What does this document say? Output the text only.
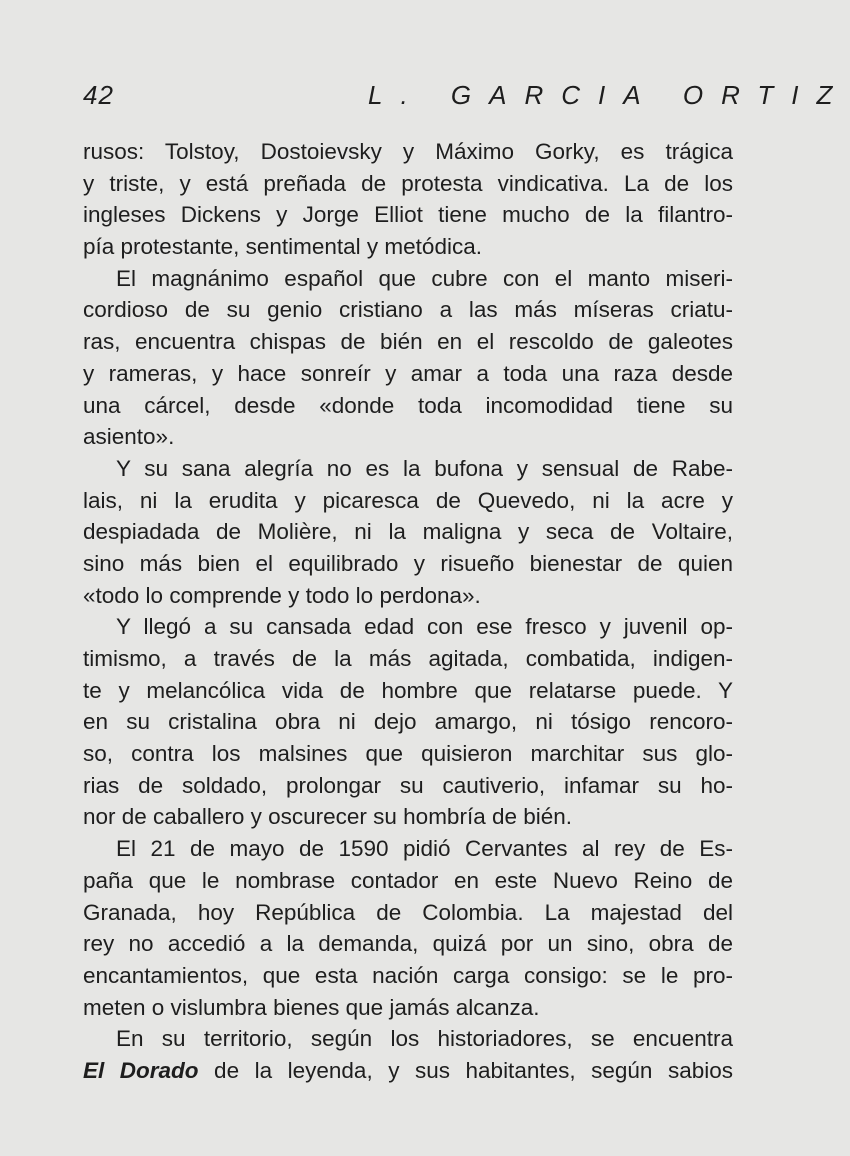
42	L. GARCIA ORTIZ
rusos: Tolstoy, Dostoievsky y Máximo Gorky, es trágica
y triste, y está preñada de protesta vindicativa. La de los
ingleses Dickens y Jorge Elliot tiene mucho de la filantro-
pía protestante, sentimental y metódica.
El magnánimo español que cubre con el manto miseri-
cordioso de su genio cristiano a las más míseras criatu-
ras, encuentra chispas de bién en el rescoldo de galeotes
y rameras, y hace sonreír y amar a toda una raza desde
una cárcel, desde «donde toda incomodidad tiene su
asiento».
Y su sana alegría no es la bufona y sensual de Rabe-
lais, ni la erudita y picaresca de Quevedo, ni la acre y
despiadada de Molière, ni la maligna y seca de Voltaire,
sino más bien el equilibrado y risueño bienestar de quien
«todo lo comprende y todo lo perdona».
Y llegó a su cansada edad con ese fresco y juvenil op-
timismo, a través de la más agitada, combatida, indigen-
te y melancólica vida de hombre que relatarse puede. Y
en su cristalina obra ni dejo amargo, ni tósigo rencoro-
so, contra los malsines que quisieron marchitar sus glo-
rias de soldado, prolongar su cautiverio, infamar su ho-
nor de caballero y oscurecer su hombría de bién.
El 21 de mayo de 1590 pidió Cervantes al rey de Es-
paña que le nombrase contador en este Nuevo Reino de
Granada, hoy República de Colombia. La majestad del
rey no accedió a la demanda, quizá por un sino, obra de
encantamientos, que esta nación carga consigo: se le pro-
meten o vislumbra bienes que jamás alcanza.
En su territorio, según los historiadores, se encuentra
El Dorado de la leyenda, y sus habitantes, según sabios
